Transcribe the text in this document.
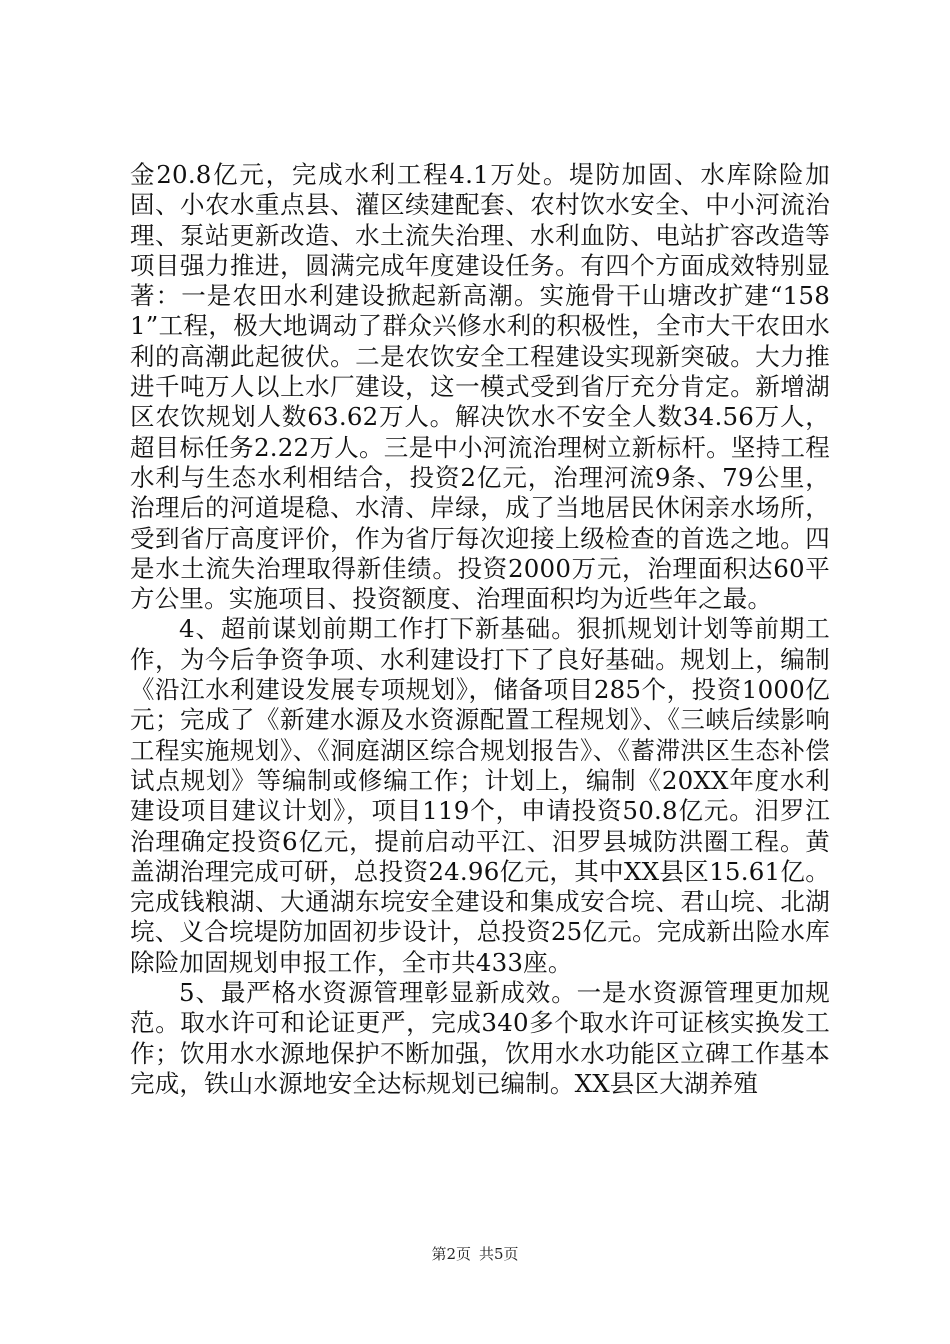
金20.8亿元，完成水利工程4.1万处。堤防加固、水库除险加固、小农水重点县、灌区续建配套、农村饮水安全、中小河流治理、泵站更新改造、水土流失治理、水利血防、电站扩容改造等项目强力推进，圆满完成年度建设任务。有四个方面成效特别显著：一是农田水利建设掀起新高潮。实施骨干山塘改扩建“1581”工程，极大地调动了群众兴修水利的积极性，全市大干农田水利的高潮此起彼伏。二是农饮安全工程建设实现新突破。大力推进千吨万人以上水厂建设，这一模式受到省厅充分肯定。新增湖区农饮规划人数63.62万人。解决饮水不安全人数34.56万人，超目标任务2.22万人。三是中小河流治理树立新标杆。坚持工程水利与生态水利相结合，投资2亿元，治理河流9条、79公里，治理后的河道堤稳、水清、岸绿，成了当地居民休闲亲水场所，受到省厅高度评价，作为省厅每次迎接上级检查的首选之地。四是水土流失治理取得新佳绩。投资2000万元，治理面积达60平方公里。实施项目、投资额度、治理面积均为近些年之最。

4、超前谋划前期工作打下新基础。狠抓规划计划等前期工作，为今后争资争项、水利建设打下了良好基础。规划上，编制《沿江水利建设发展专项规划》，储备项目285个，投资1000亿元；完成了《新建水源及水资源配置工程规划》、《三峡后续影响工程实施规划》、《洞庭湖区综合规划报告》、《蓄滞洪区生态补偿试点规划》等编制或修编工作；计划上，编制《20XX年度水利建设项目建议计划》，项目119个，申请投资50.8亿元。汨罗江治理确定投资6亿元，提前启动平江、汨罗县城防洪圈工程。黄盖湖治理完成可研，总投资24.96亿元，其中XX县区15.61亿。完成钱粮湖、大通湖东垸安全建设和集成安合垸、君山垸、北湖垸、义合垸堤防加固初步设计，总投资25亿元。完成新出险水库除险加固规划申报工作，全市共433座。

5、最严格水资源管理彰显新成效。一是水资源管理更加规范。取水许可和论证更严，完成340多个取水许可证核实换发工作；饮用水水源地保护不断加强，饮用水水功能区立碑工作基本完成，铁山水源地安全达标规划已编制。XX县区大湖养殖

第2页 共5页
